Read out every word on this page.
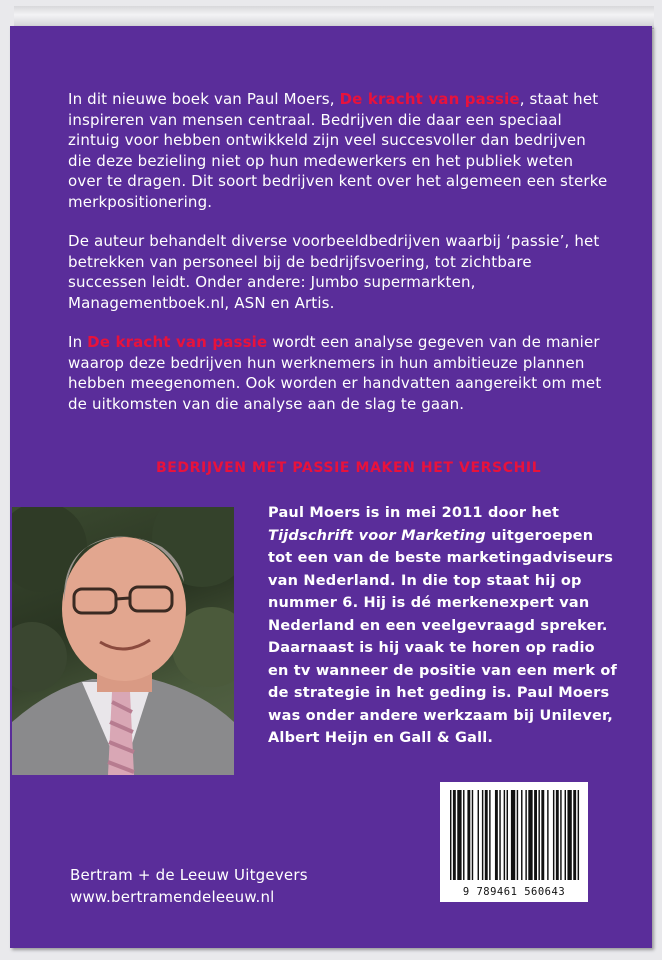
In dit nieuwe boek van Paul Moers, De kracht van passie, staat het inspireren van mensen centraal. Bedrijven die daar een speciaal zintuig voor hebben ontwikkeld zijn veel succesvoller dan bedrijven die deze bezieling niet op hun medewerkers en het publiek weten over te dragen. Dit soort bedrijven kent over het algemeen een sterke merkpositionering.

De auteur behandelt diverse voorbeeldbedrijven waarbij ‘passie’, het betrekken van personeel bij de bedrijfsvoering, tot zichtbare successen leidt. Onder andere: Jumbo supermarkten, Managementboek.nl, ASN en Artis.

In De kracht van passie wordt een analyse gegeven van de manier waarop deze bedrijven hun werknemers in hun ambitieuze plannen hebben meegenomen. Ook worden er handvatten aangereikt om met de uitkomsten van die analyse aan de slag te gaan.

BEDRIJVEN MET PASSIE MAKEN HET VERSCHIL
Paul Moers is in mei 2011 door het Tijdschrift voor Marketing uitgeroepen tot een van de beste marketingadviseurs van Nederland. In die top staat hij op nummer 6. Hij is dé merkenexpert van Nederland en een veelgevraagd spreker. Daarnaast is hij vaak te horen op radio en tv wanneer de positie van een merk of de strategie in het geding is. Paul Moers was onder andere werkzaam bij Unilever, Albert Heijn en Gall & Gall.
9 789461 560643
Bertram + de Leeuw Uitgevers
www.bertramendeleeuw.nl
